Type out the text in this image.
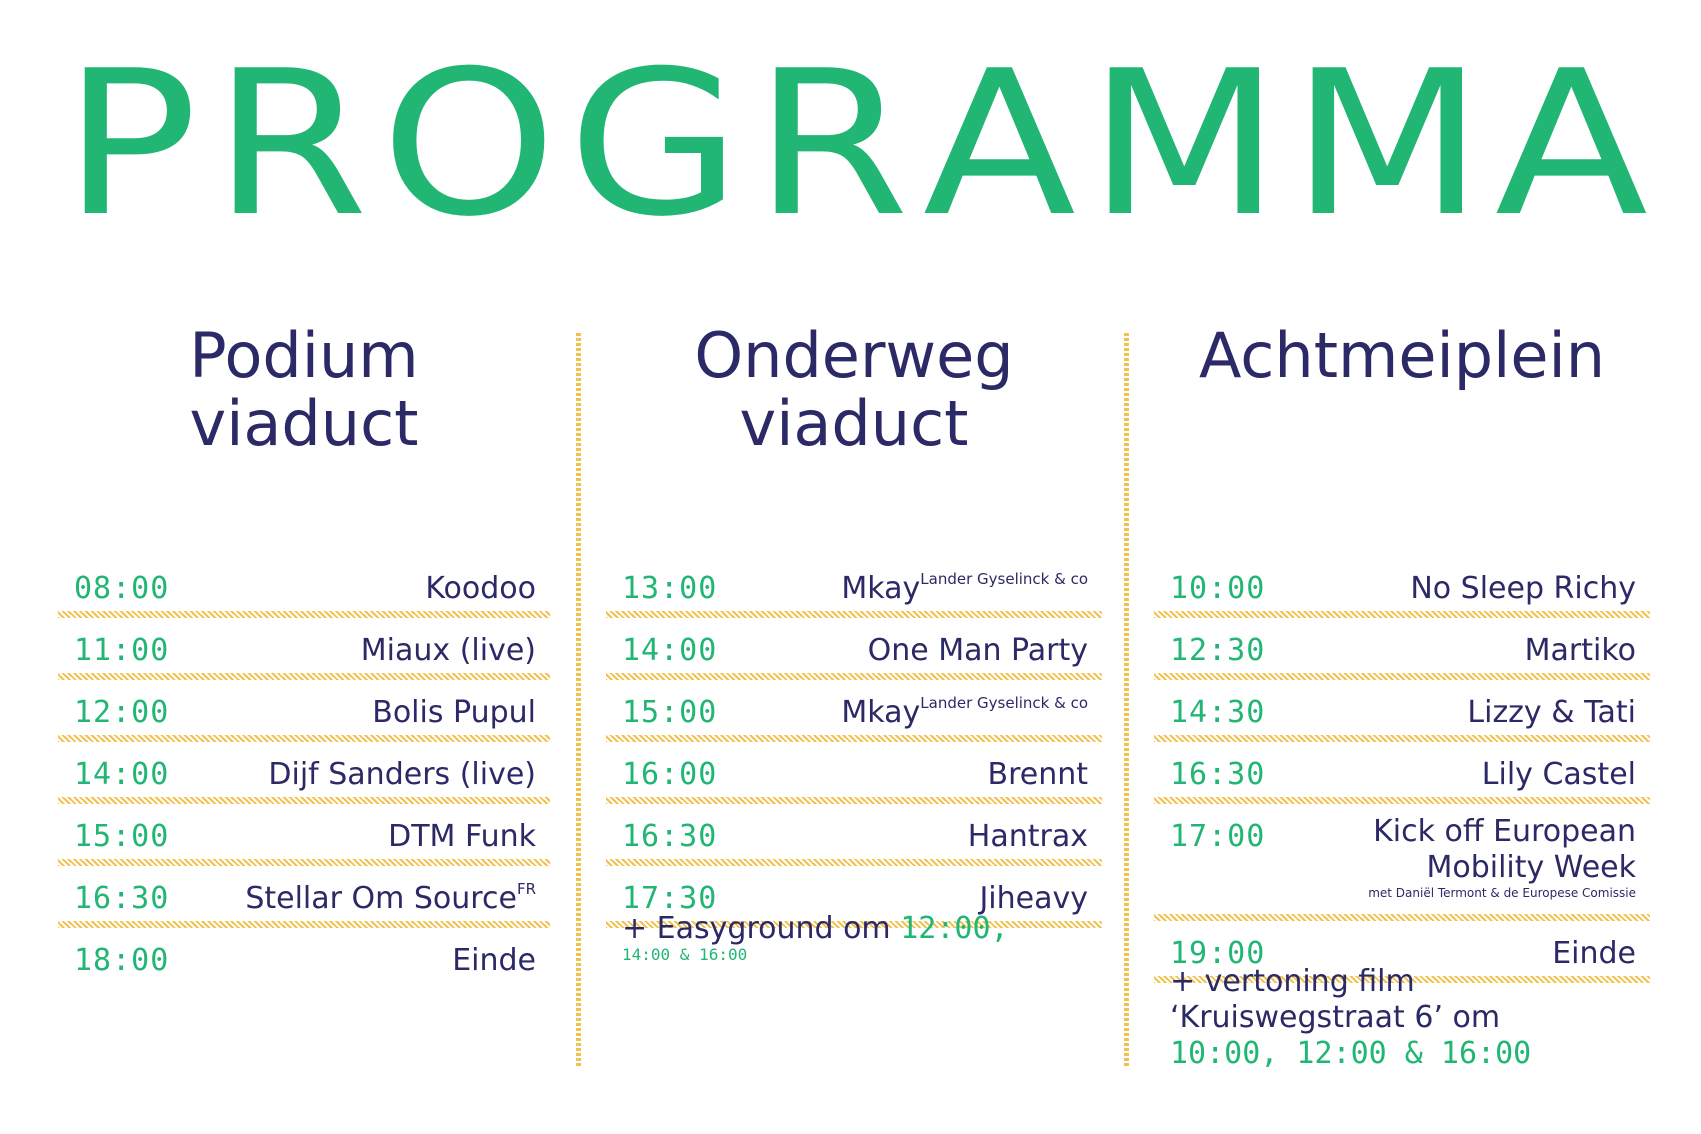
P R O G R A M M A
Podium
viaduct
08:00	Koodoo
11:00	Miaux (live)
12:00	Bolis Pupul
14:00	Dijf Sanders (live)
15:00	DTM Funk
16:30	Stellar Om Source$^{FR}$
18:00	Einde
Onderweg
viaduct
13:00	Mkay$^{Lander Gyselinck \& co}$
14:00	One Man Party
15:00	Mkay$^{Lander Gyselinck \& co}$
16:00	Brennt
16:30	Hantrax
17:30	Jiheavy
+ Easyground om 12:00,
14:00 & 16:00
Achtmeiplein
10:00	No Sleep Richy
12:30	Martiko
14:30	Lizzy & Tati
16:30	Lily Castel
17:00	Kick off European
Mobility Week
met Daniël Termont & de Europese Comissie
19:00	Einde
+ vertoning film
‘Kruiswegstraat 6’ om
10:00, 12:00 & 16:00
